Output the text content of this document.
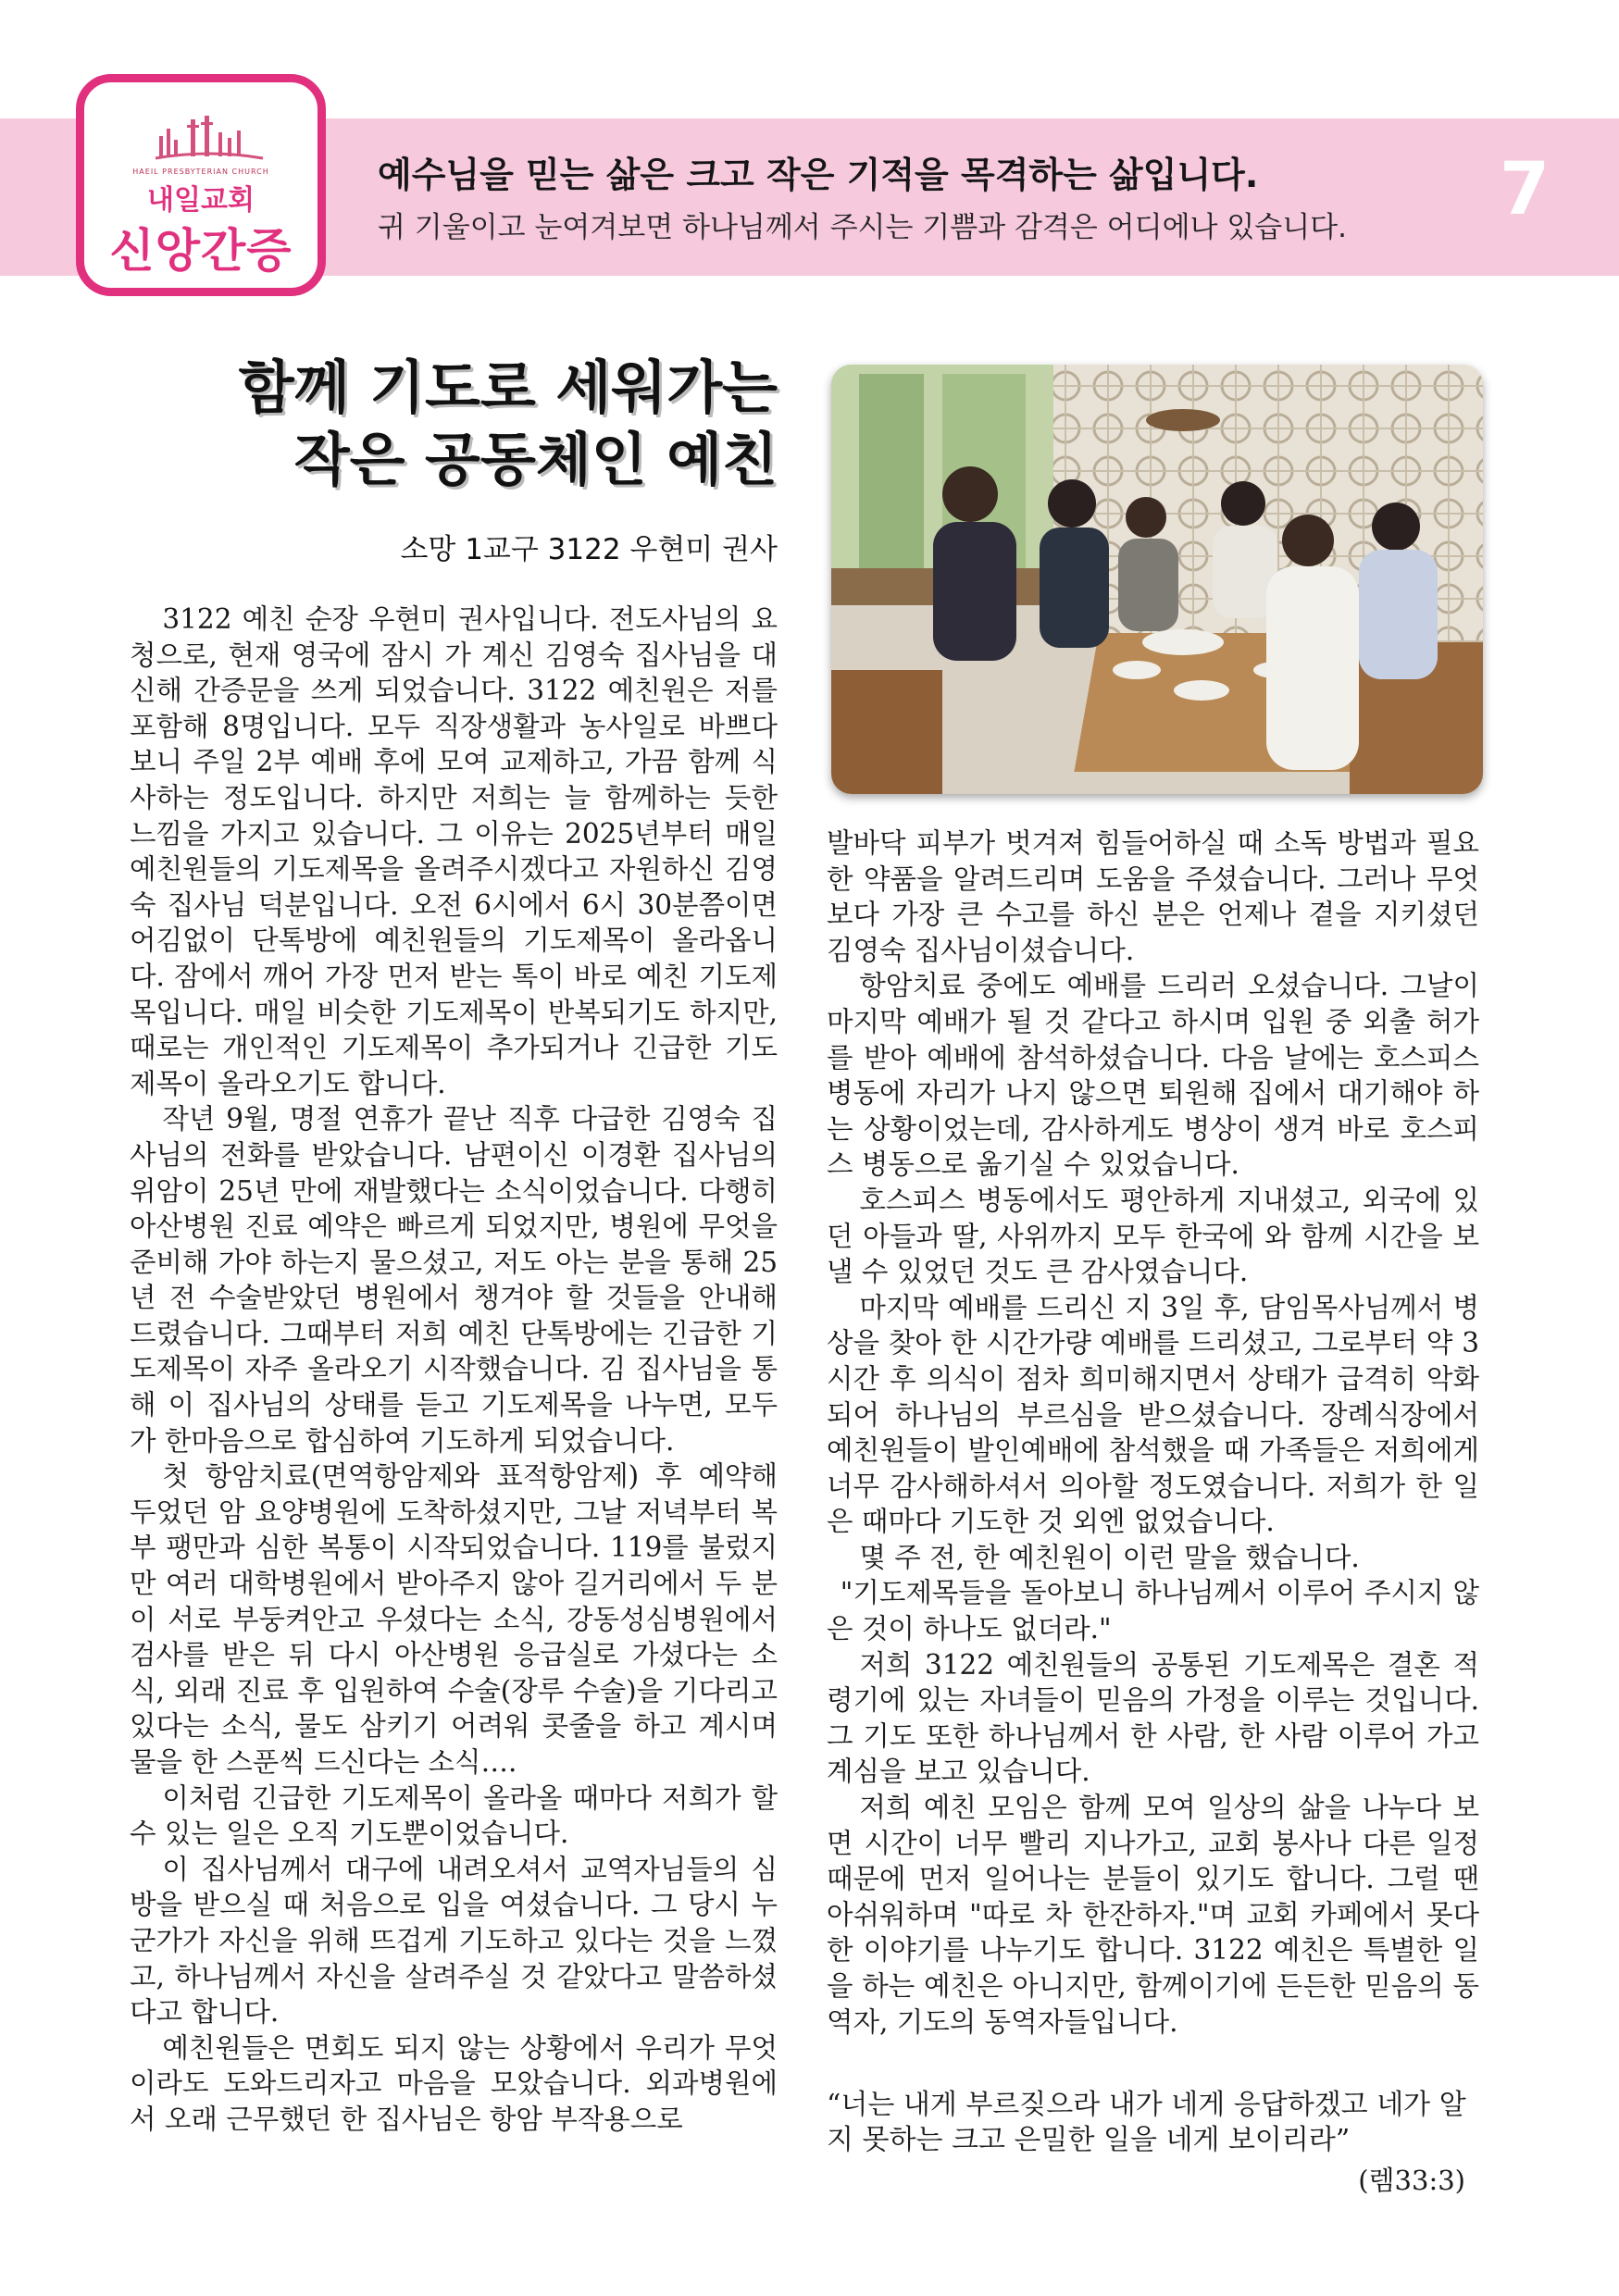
HAEIL PRESBYTERIAN CHURCH
내일교회
신앙간증
예수님을 믿는 삶은 크고 작은 기적을 목격하는 삶입니다.
귀 기울이고 눈여겨보면 하나님께서 주시는 기쁨과 감격은 어디에나 있습니다. 7
함께 기도로 세워가는
작은 공동체인 예친
소망 1교구 3122 우현미 권사

3122 예친 순장 우현미 권사입니다. 전도사님의 요청으로, 현재 영국에 잠시 가 계신 김영숙 집사님을 대신해 간증문을 쓰게 되었습니다. 3122 예친원은 저를 포함해 8명입니다. 모두 직장생활과 농사일로 바쁘다 보니 주일 2부 예배 후에 모여 교제하고, 가끔 함께 식사하는 정도입니다. 하지만 저희는 늘 함께하는 듯한 느낌을 가지고 있습니다. 그 이유는 2025년부터 매일 예친원들의 기도제목을 올려주시겠다고 자원하신 김영숙 집사님 덕분입니다. 오전 6시에서 6시 30분쯤이면 어김없이 단톡방에 예친원들의 기도제목이 올라옵니다. 잠에서 깨어 가장 먼저 받는 톡이 바로 예친 기도제목입니다. 매일 비슷한 기도제목이 반복되기도 하지만, 때로는 개인적인 기도제목이 추가되거나 긴급한 기도제목이 올라오기도 합니다.

작년 9월, 명절 연휴가 끝난 직후 다급한 김영숙 집사님의 전화를 받았습니다. 남편이신 이경환 집사님의 위암이 25년 만에 재발했다는 소식이었습니다. 다행히 아산병원 진료 예약은 빠르게 되었지만, 병원에 무엇을 준비해 가야 하는지 물으셨고, 저도 아는 분을 통해 25년 전 수술받았던 병원에서 챙겨야 할 것들을 안내해 드렸습니다. 그때부터 저희 예친 단톡방에는 긴급한 기도제목이 자주 올라오기 시작했습니다. 김 집사님을 통해 이 집사님의 상태를 듣고 기도제목을 나누면, 모두가 한마음으로 합심하여 기도하게 되었습니다.

첫 항암치료(면역항암제와 표적항암제) 후 예약해 두었던 암 요양병원에 도착하셨지만, 그날 저녁부터 복부 팽만과 심한 복통이 시작되었습니다. 119를 불렀지만 여러 대학병원에서 받아주지 않아 길거리에서 두 분이 서로 부둥켜안고 우셨다는 소식, 강동성심병원에서 검사를 받은 뒤 다시 아산병원 응급실로 가셨다는 소식, 외래 진료 후 입원하여 수술(장루 수술)을 기다리고 있다는 소식, 물도 삼키기 어려워 콧줄을 하고 계시며 물을 한 스푼씩 드신다는 소식….

이처럼 긴급한 기도제목이 올라올 때마다 저희가 할 수 있는 일은 오직 기도뿐이었습니다.

이 집사님께서 대구에 내려오셔서 교역자님들의 심방을 받으실 때 처음으로 입을 여셨습니다. 그 당시 누군가가 자신을 위해 뜨겁게 기도하고 있다는 것을 느꼈고, 하나님께서 자신을 살려주실 것 같았다고 말씀하셨다고 합니다.

예친원들은 면회도 되지 않는 상황에서 우리가 무엇이라도 도와드리자고 마음을 모았습니다. 외과병원에서 오래 근무했던 한 집사님은 항암 부작용으로

발바닥 피부가 벗겨져 힘들어하실 때 소독 방법과 필요한 약품을 알려드리며 도움을 주셨습니다. 그러나 무엇보다 가장 큰 수고를 하신 분은 언제나 곁을 지키셨던 김영숙 집사님이셨습니다.

항암치료 중에도 예배를 드리러 오셨습니다. 그날이 마지막 예배가 될 것 같다고 하시며 입원 중 외출 허가를 받아 예배에 참석하셨습니다. 다음 날에는 호스피스 병동에 자리가 나지 않으면 퇴원해 집에서 대기해야 하는 상황이었는데, 감사하게도 병상이 생겨 바로 호스피스 병동으로 옮기실 수 있었습니다.

호스피스 병동에서도 평안하게 지내셨고, 외국에 있던 아들과 딸, 사위까지 모두 한국에 와 함께 시간을 보낼 수 있었던 것도 큰 감사였습니다.

마지막 예배를 드리신 지 3일 후, 담임목사님께서 병상을 찾아 한 시간가량 예배를 드리셨고, 그로부터 약 3시간 후 의식이 점차 희미해지면서 상태가 급격히 악화되어 하나님의 부르심을 받으셨습니다. 장례식장에서 예친원들이 발인예배에 참석했을 때 가족들은 저희에게 너무 감사해하셔서 의아할 정도였습니다. 저희가 한 일은 때마다 기도한 것 외엔 없었습니다.

몇 주 전, 한 예친원이 이런 말을 했습니다.

"기도제목들을 돌아보니 하나님께서 이루어 주시지 않은 것이 하나도 없더라."

저희 3122 예친원들의 공통된 기도제목은 결혼 적령기에 있는 자녀들이 믿음의 가정을 이루는 것입니다. 그 기도 또한 하나님께서 한 사람, 한 사람 이루어 가고 계심을 보고 있습니다.

저희 예친 모임은 함께 모여 일상의 삶을 나누다 보면 시간이 너무 빨리 지나가고, 교회 봉사나 다른 일정 때문에 먼저 일어나는 분들이 있기도 합니다. 그럴 땐 아쉬워하며 "따로 차 한잔하자."며 교회 카페에서 못다 한 이야기를 나누기도 합니다. 3122 예친은 특별한 일을 하는 예친은 아니지만, 함께이기에 든든한 믿음의 동역자, 기도의 동역자들입니다.

“너는 내게 부르짖으라 내가 네게 응답하겠고 네가 알지 못하는 크고 은밀한 일을 네게 보이리라”
(렘33:3)
